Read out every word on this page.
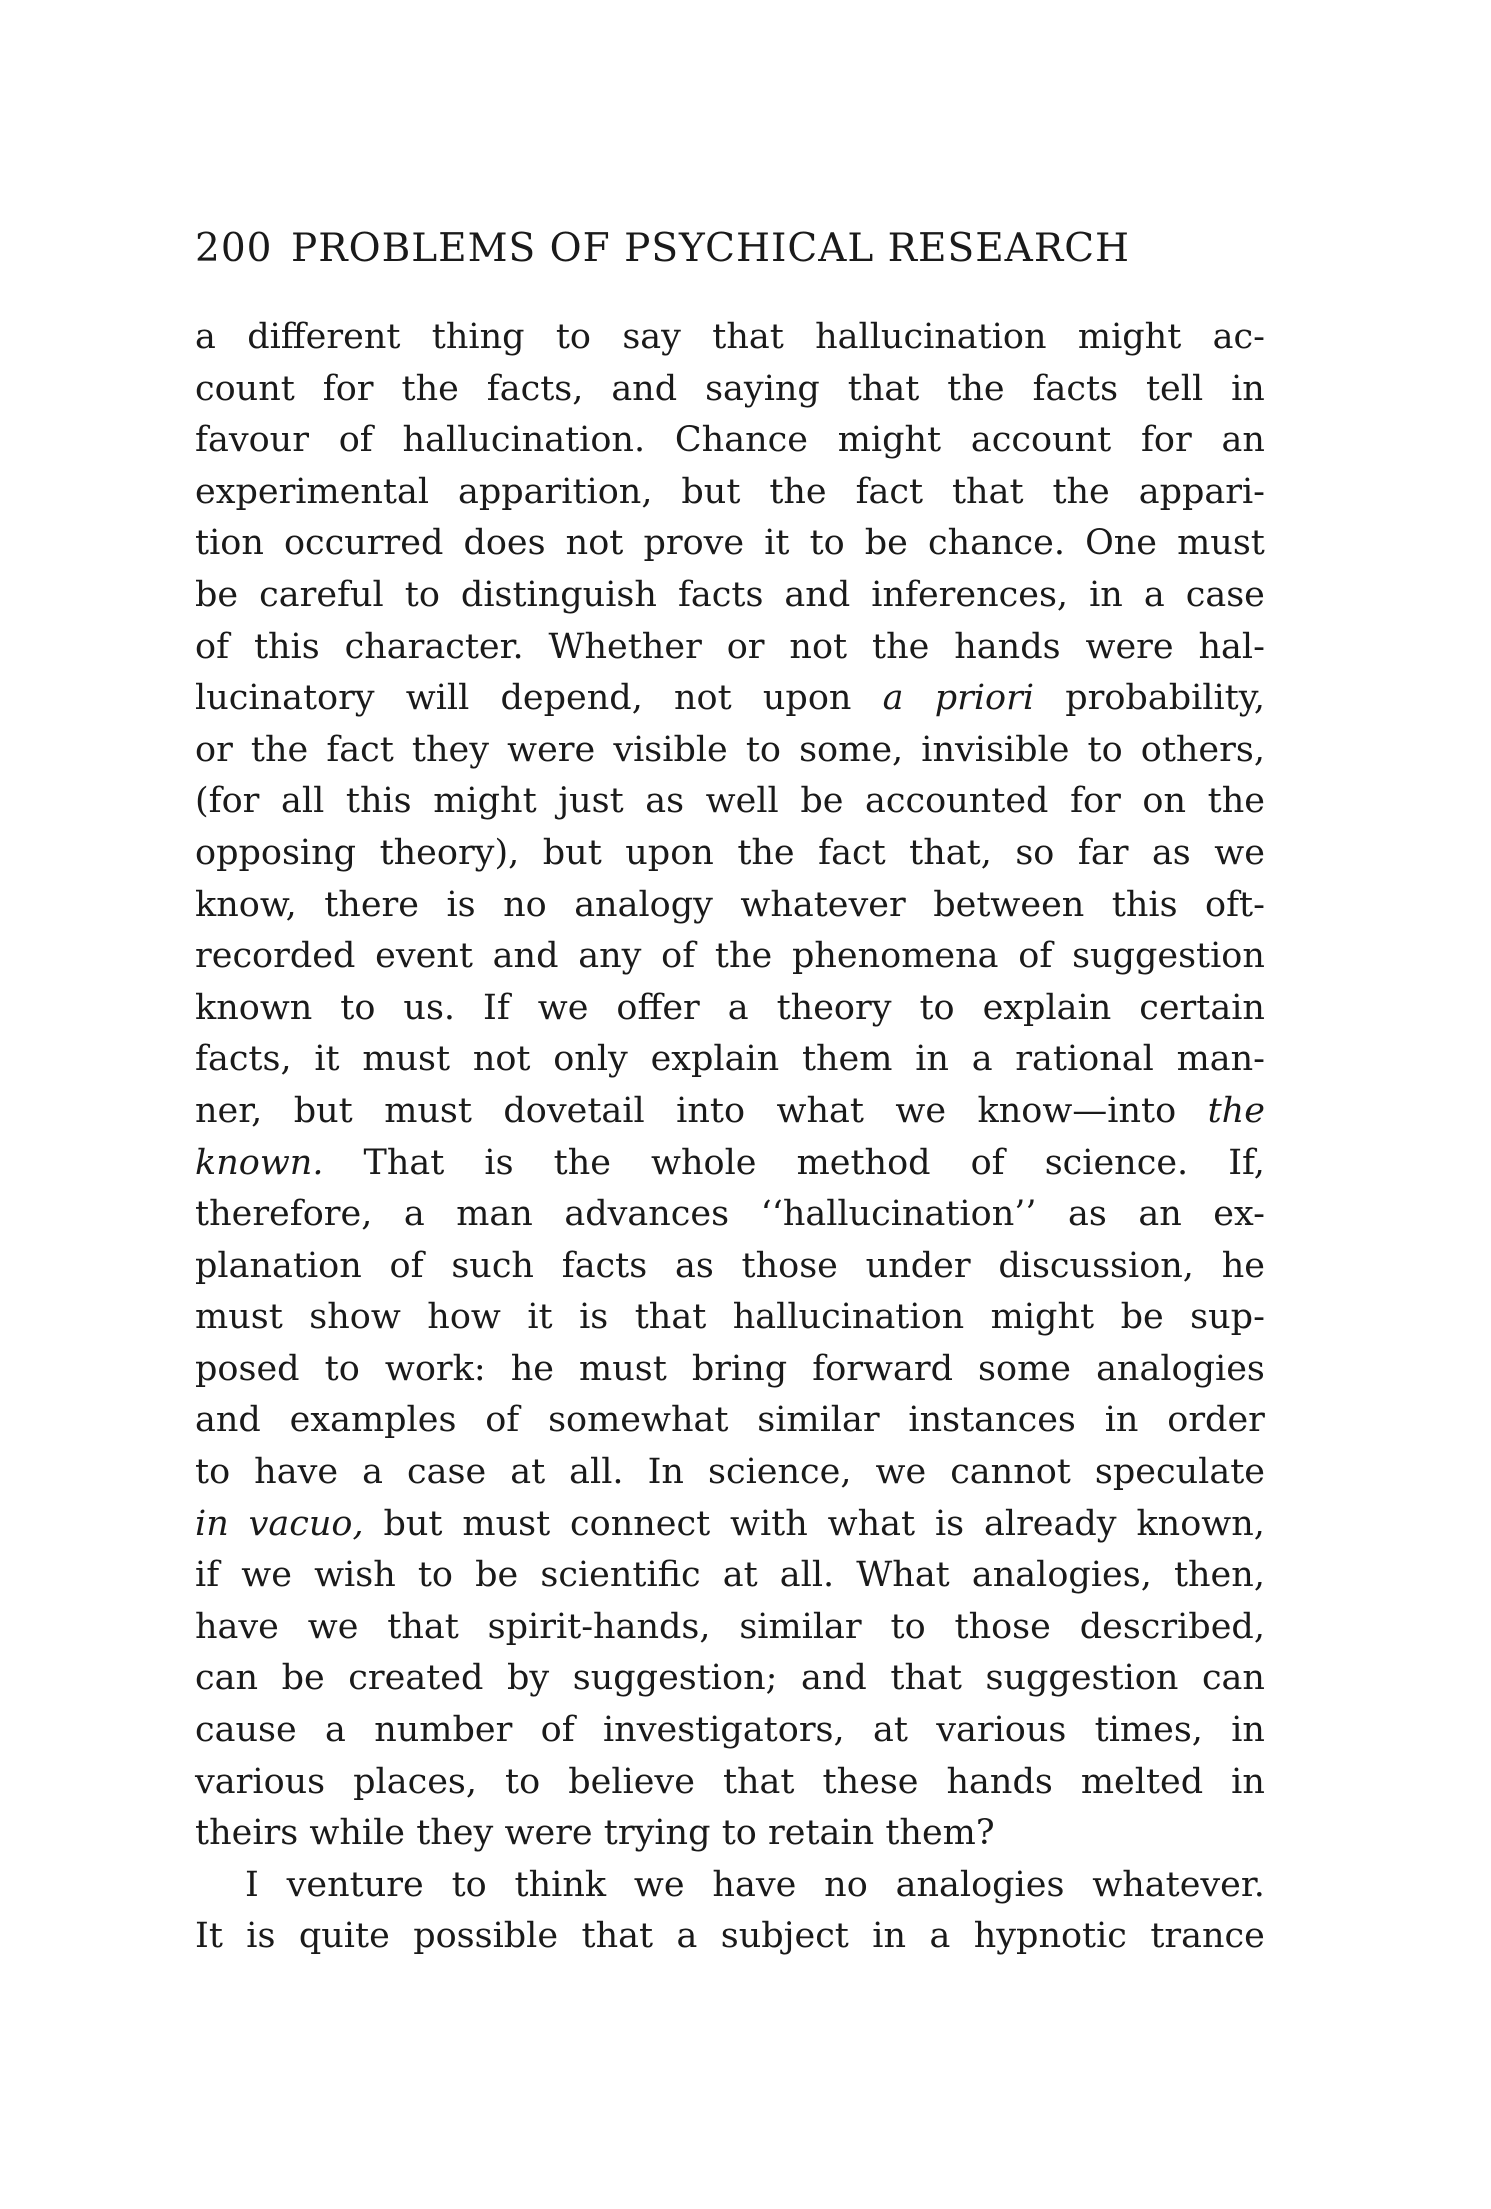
200 PROBLEMS OF PSYCHICAL RESEARCH
a different thing to say that hallucination might ac-
count for the facts, and saying that the facts tell in
favour of hallucination. Chance might account for an
experimental apparition, but the fact that the appari-
tion occurred does not prove it to be chance. One must
be careful to distinguish facts and inferences, in a case
of this character. Whether or not the hands were hal-
lucinatory will depend, not upon a priori probability,
or the fact they were visible to some, invisible to others,
(for all this might just as well be accounted for on the
opposing theory), but upon the fact that, so far as we
know, there is no analogy whatever between this oft-
recorded event and any of the phenomena of suggestion
known to us. If we offer a theory to explain certain
facts, it must not only explain them in a rational man-
ner, but must dovetail into what we know—into the
known. That is the whole method of science. If,
therefore, a man advances ‘‘hallucination’’ as an ex-
planation of such facts as those under discussion, he
must show how it is that hallucination might be sup-
posed to work: he must bring forward some analogies
and examples of somewhat similar instances in order
to have a case at all. In science, we cannot speculate
in vacuo, but must connect with what is already known,
if we wish to be scientific at all. What analogies, then,
have we that spirit-hands, similar to those described,
can be created by suggestion; and that suggestion can
cause a number of investigators, at various times, in
various places, to believe that these hands melted in
theirs while they were trying to retain them?
I venture to think we have no analogies whatever.
It is quite possible that a subject in a hypnotic trance
